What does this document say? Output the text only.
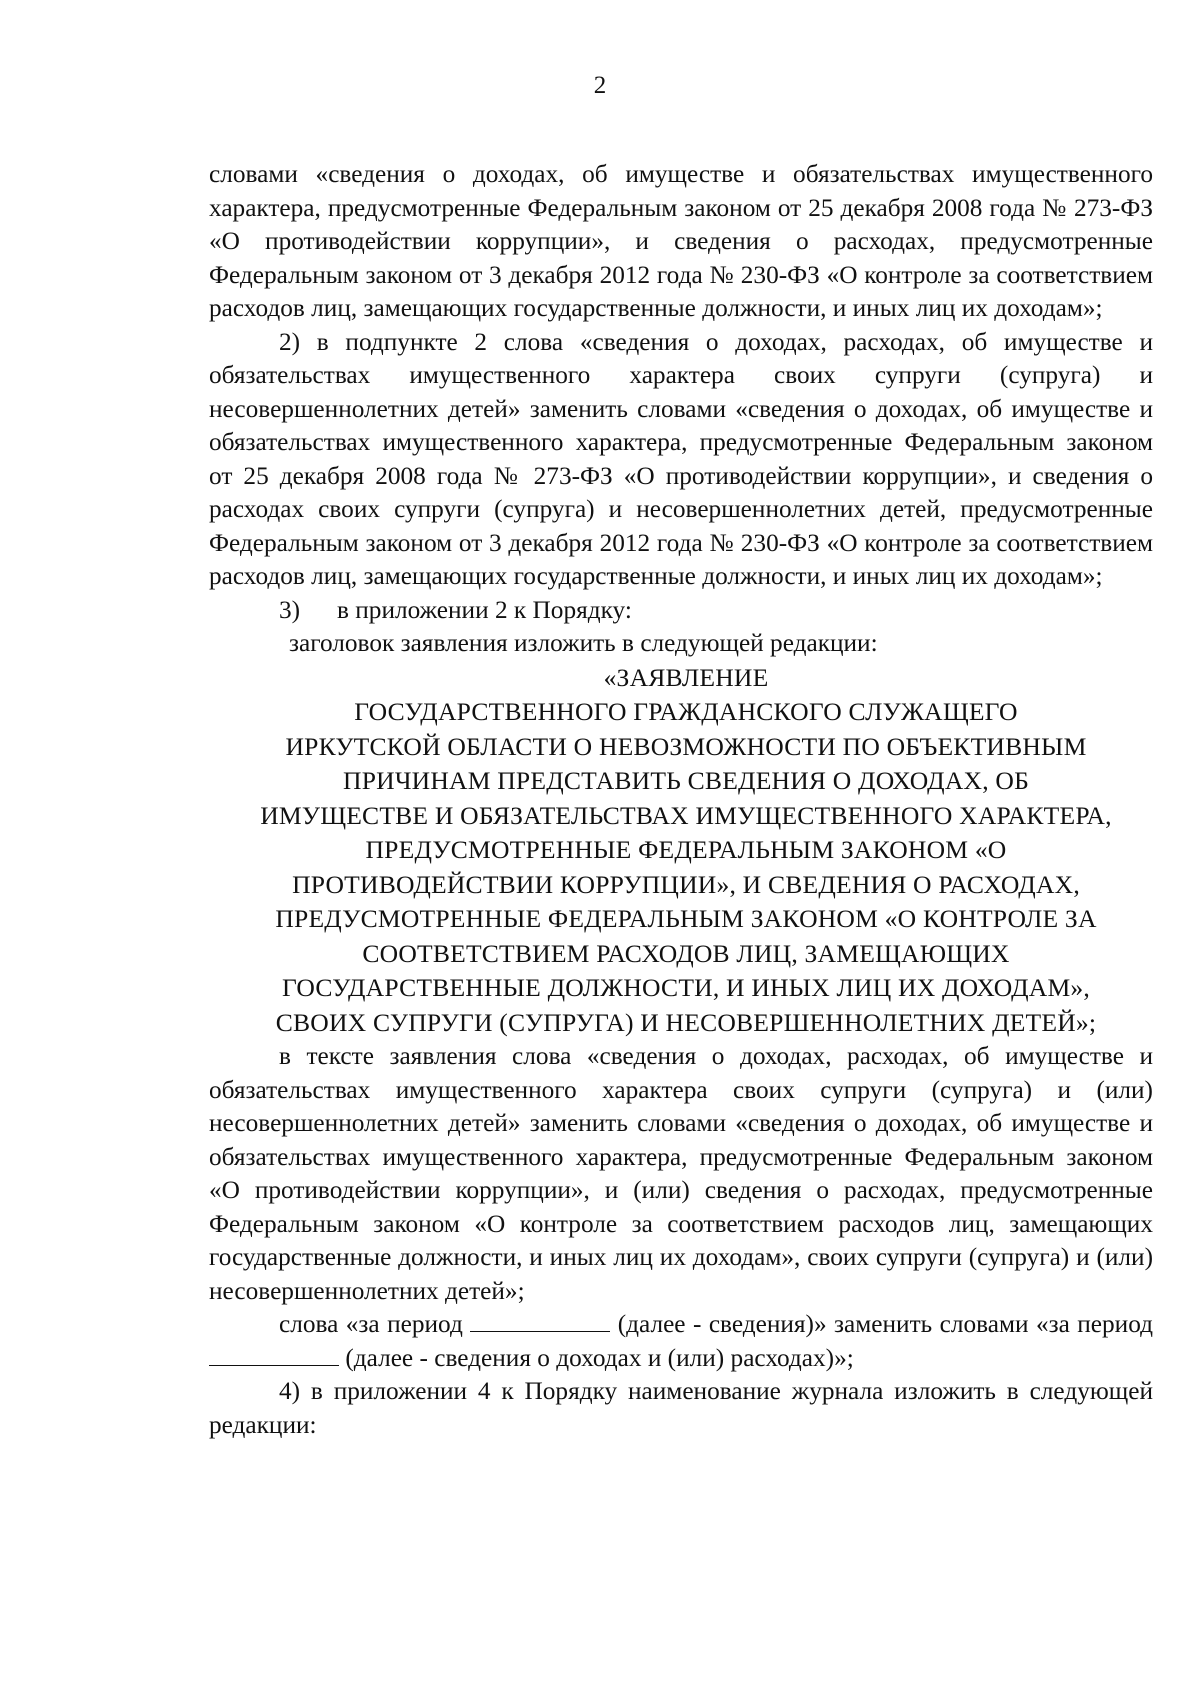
2

словами «сведения о доходах, об имуществе и обязательствах имущественного характера, предусмотренные Федеральным законом от 25 декабря 2008 года № 273-ФЗ «О противодействии коррупции», и сведения о расходах, предусмотренные Федеральным законом от 3 декабря 2012 года № 230-ФЗ «О контроле за соответствием расходов лиц, замещающих государственные должности, и иных лиц их доходам»;

2) в подпункте 2 слова «сведения о доходах, расходах, об имуществе и обязательствах имущественного характера своих супруги (супруга) и несовершеннолетних детей» заменить словами «сведения о доходах, об имуществе и обязательствах имущественного характера, предусмотренные Федеральным законом от 25 декабря 2008 года № 273-ФЗ «О противодействии коррупции», и сведения о расходах своих супруги (супруга) и несовершеннолетних детей, предусмотренные Федеральным законом от 3 декабря 2012 года № 230-ФЗ «О контроле за соответствием расходов лиц, замещающих государственные должности, и иных лиц их доходам»;

3) в приложении 2 к Порядку:

заголовок заявления изложить в следующей редакции:

«ЗАЯВЛЕНИЕ
ГОСУДАРСТВЕННОГО ГРАЖДАНСКОГО СЛУЖАЩЕГО
ИРКУТСКОЙ ОБЛАСТИ О НЕВОЗМОЖНОСТИ ПО ОБЪЕКТИВНЫМ
ПРИЧИНАМ ПРЕДСТАВИТЬ СВЕДЕНИЯ О ДОХОДАХ, ОБ
ИМУЩЕСТВЕ И ОБЯЗАТЕЛЬСТВАХ ИМУЩЕСТВЕННОГО ХАРАКТЕРА,
ПРЕДУСМОТРЕННЫЕ ФЕДЕРАЛЬНЫМ ЗАКОНОМ «О
ПРОТИВОДЕЙСТВИИ КОРРУПЦИИ», И СВЕДЕНИЯ О РАСХОДАХ,
ПРЕДУСМОТРЕННЫЕ ФЕДЕРАЛЬНЫМ ЗАКОНОМ «О КОНТРОЛЕ ЗА
СООТВЕТСТВИЕМ РАСХОДОВ ЛИЦ, ЗАМЕЩАЮЩИХ
ГОСУДАРСТВЕННЫЕ ДОЛЖНОСТИ, И ИНЫХ ЛИЦ ИХ ДОХОДАМ»,
СВОИХ СУПРУГИ (СУПРУГА) И НЕСОВЕРШЕННОЛЕТНИХ ДЕТЕЙ»;

в тексте заявления слова «сведения о доходах, расходах, об имуществе и обязательствах имущественного характера своих супруги (супруга) и (или) несовершеннолетних детей» заменить словами «сведения о доходах, об имуществе и обязательствах имущественного характера, предусмотренные Федеральным законом «О противодействии коррупции», и (или) сведения о расходах, предусмотренные Федеральным законом «О контроле за соответствием расходов лиц, замещающих государственные должности, и иных лиц их доходам», своих супруги (супруга) и (или) несовершеннолетних детей»;

слова «за период	(далее - сведения)» заменить словами «за период  (далее - сведения о доходах и (или) расходах)»;

4) в приложении 4 к Порядку наименование журнала изложить в следующей редакции:
